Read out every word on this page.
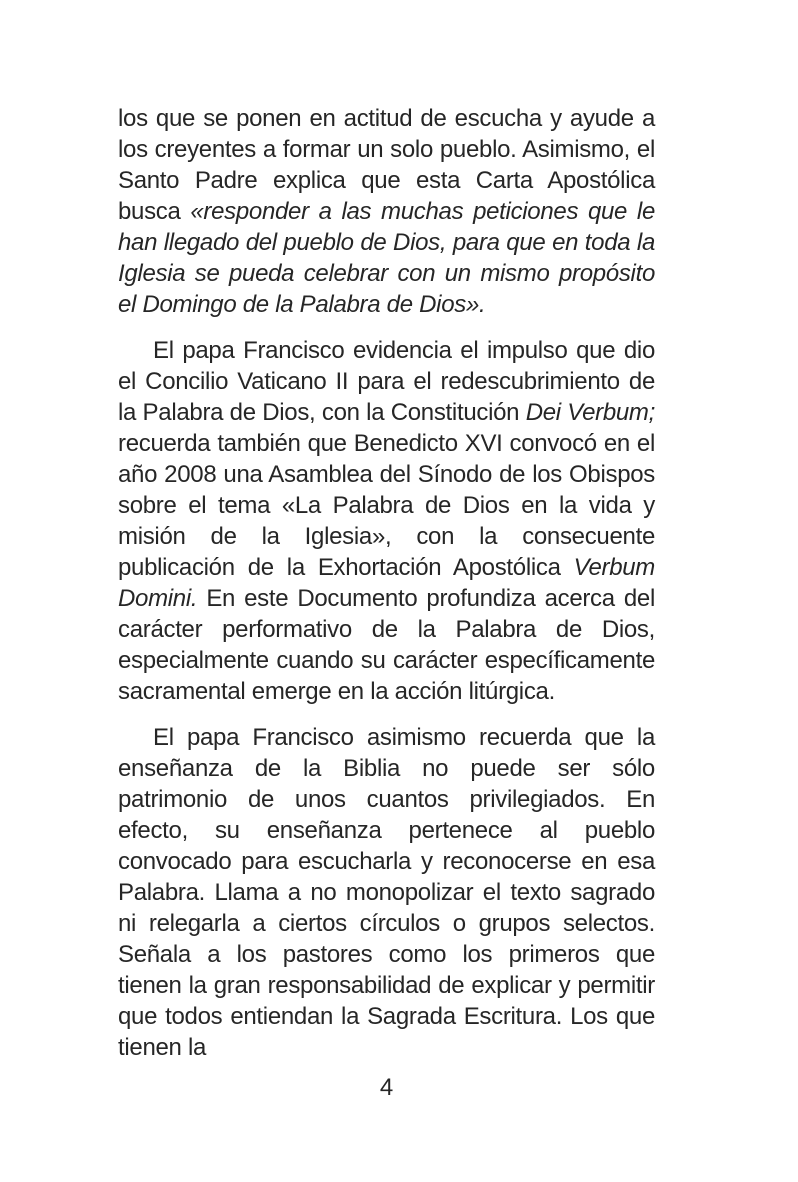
los que se ponen en actitud de escucha y ayude a los creyentes a formar un solo pueblo. Asimismo, el Santo Padre explica que esta Carta Apostólica busca «responder a las muchas peticiones que le han llegado del pueblo de Dios, para que en toda la Iglesia se pueda celebrar con un mismo propósito el Domingo de la Palabra de Dios».

El papa Francisco evidencia el impulso que dio el Concilio Vaticano II para el redescubrimiento de la Palabra de Dios, con la Constitución Dei Verbum; recuerda también que Benedicto XVI convocó en el año 2008 una Asamblea del Sínodo de los Obispos sobre el tema «La Palabra de Dios en la vida y misión de la Iglesia», con la consecuente publicación de la Exhortación Apostólica Verbum Domini. En este Documento profundiza acerca del carácter performativo de la Palabra de Dios, especialmente cuando su carácter específicamente sacramental emerge en la acción litúrgica.

El papa Francisco asimismo recuerda que la enseñanza de la Biblia no puede ser sólo patrimonio de unos cuantos privilegiados. En efecto, su enseñanza pertenece al pueblo convocado para escucharla y reconocerse en esa Palabra. Llama a no monopolizar el texto sagrado ni relegarla a ciertos círculos o grupos selectos. Señala a los pastores como los primeros que tienen la gran responsabilidad de explicar y permitir que todos entiendan la Sagrada Escritura. Los que tienen la

4
